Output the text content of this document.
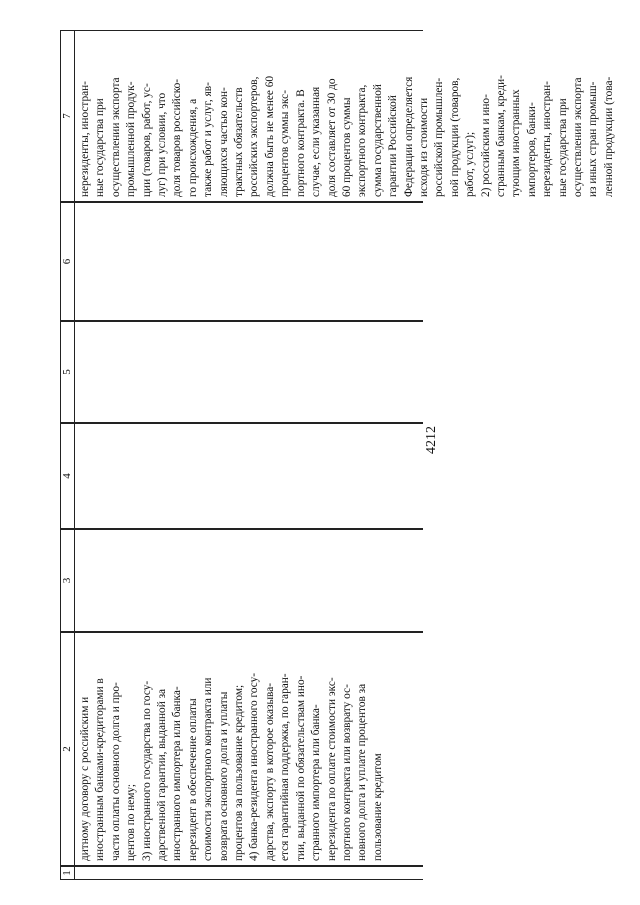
4212
1
2
3
4
5
6
7
дитному договору с российским и
иностранным банками-кредиторами в
части оплаты основного долга и про-
центов по нему;
3) иностранного государства по госу-
дарственной гарантии, выданной за
иностранного импортера или банка-
нерезидент в обеспечение оплаты
стоимости экспортного контракта или
возврата основного долга и уплаты
процентов за пользование кредитом;
4) банка-резидента иностранного госу-
дарства, экспорту в которое оказыва-
ется гарантийная поддержка, по гаран-
тии, выданной по обязательствам ино-
странного импортера или банка-
нерезидента по оплате стоимости экс-
портного контракта или возврату ос-
новного долга и уплате процентов за
пользование кредитом
нерезиденты, иностран-
ные государства при
осуществлении экспорта
промышленной продук-
ции (товаров, работ, ус-
луг) при условии, что
доля товаров российско-
го происхождения, а
также работ и услуг, яв-
ляющихся частью кон-
трактных обязательств
российских экспортеров,
должна быть не менее 60
процентов суммы экс-
портного контракта. В
случае, если указанная
доля составляет от 30 до
60 процентов суммы
экспортного контракта,
сумма государственной
гарантии Российской
Федерации определяется
исходя из стоимости
российской промышлен-
ной продукции (товаров,
работ, услуг);
2) российским и ино-
странным банкам, креди-
тующим иностранных
импортеров, банки-
нерезиденты, иностран-
ные государства при
осуществлении экспорта
из иных стран промыш-
ленной продукции (това-
